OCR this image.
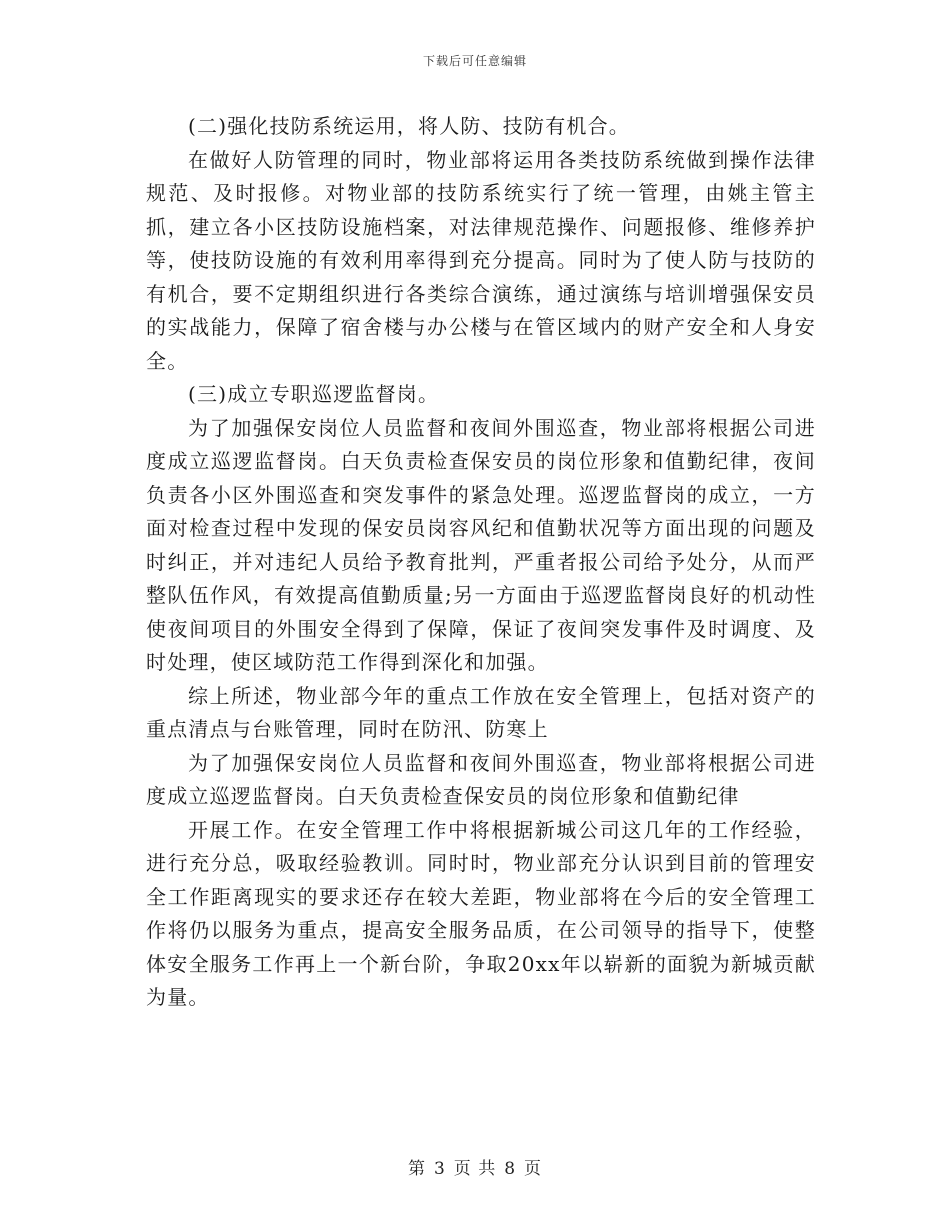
下载后可任意编辑

(二)强化技防系统运用，将人防、技防有机合。

在做好人防管理的同时，物业部将运用各类技防系统做到操作法律规范、及时报修。对物业部的技防系统实行了统一管理，由姚主管主抓，建立各小区技防设施档案，对法律规范操作、问题报修、维修养护等，使技防设施的有效利用率得到充分提高。同时为了使人防与技防的有机合，要不定期组织进行各类综合演练，通过演练与培训增强保安员的实战能力，保障了宿舍楼与办公楼与在管区域内的财产安全和人身安全。

(三)成立专职巡逻监督岗。

为了加强保安岗位人员监督和夜间外围巡查，物业部将根据公司进度成立巡逻监督岗。白天负责检查保安员的岗位形象和值勤纪律，夜间负责各小区外围巡查和突发事件的紧急处理。巡逻监督岗的成立，一方面对检查过程中发现的保安员岗容风纪和值勤状况等方面出现的问题及时纠正，并对违纪人员给予教育批判，严重者报公司给予处分，从而严整队伍作风，有效提高值勤质量;另一方面由于巡逻监督岗良好的机动性使夜间项目的外围安全得到了保障，保证了夜间突发事件及时调度、及时处理，使区域防范工作得到深化和加强。

综上所述，物业部今年的重点工作放在安全管理上，包括对资产的重点清点与台账管理，同时在防汛、防寒上

为了加强保安岗位人员监督和夜间外围巡查，物业部将根据公司进度成立巡逻监督岗。白天负责检查保安员的岗位形象和值勤纪律

开展工作。在安全管理工作中将根据新城公司这几年的工作经验，进行充分总，吸取经验教训。同时时，物业部充分认识到目前的管理安全工作距离现实的要求还存在较大差距，物业部将在今后的安全管理工作将仍以服务为重点，提高安全服务品质，在公司领导的指导下，使整体安全服务工作再上一个新台阶，争取20xx年以崭新的面貌为新城贡献为量。

第 3 页 共 8 页
